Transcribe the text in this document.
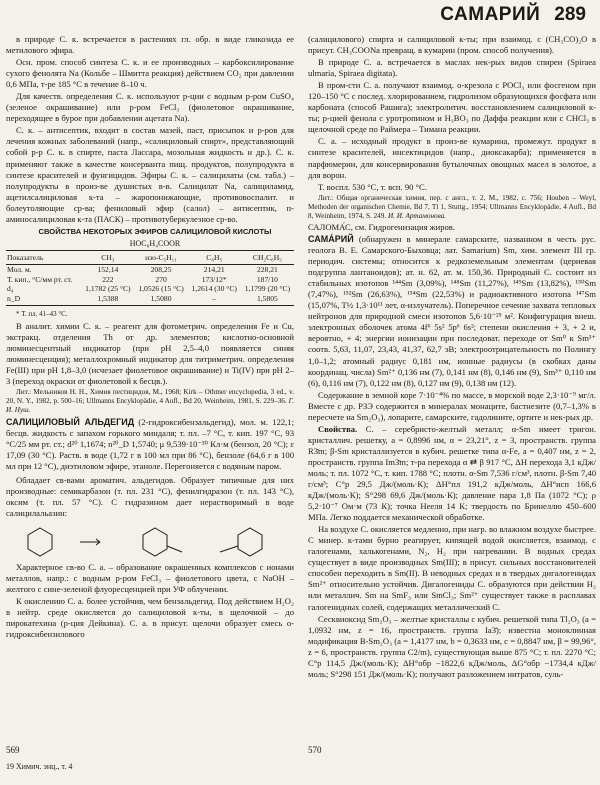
САМАРИЙ 289

в природе С. к. встречается в растениях гл. обр. в виде гликозида ее метилового эфира.

Осн. пром. способ синтеза С. к. и ее производных – карбоксилирование сухого фенолята Na (Кольбе – Шмитта реакция) действием СО₂ при давлении 0,6 МПа, т-ре 185 °С в течение 8–10 ч.

Для качеств. определения С. к. используют р-ции с водным р-ром CuSO₄ (зеленое окрашивание) или р-ром FeCl₃ (фиолетовое окрашивание, переходящее в бурое при добавлении ацетата Na).

С. к. – антисептик, входит в состав мазей, паст, присыпок и р-ров для лечения кожных заболеваний (напр., «салициловый спирт», представляющий собой р-р С. к. в спирте, паста Лассара, мозольная жидкость и др.). С. к. применяют также в качестве консерванта пищ. продуктов, полупродукта в синтезе красителей и фунгицидов. Эфиры С. к. – салицилаты (см. табл.) – полупродукты в произ-ве душистых в-в. Салицилат Na, салициламид, ацетилсалициловая к-та – жаропонижающие, противовоспалит. и болеутоляющие ср-ва; фениловый эфир (салол) – антисептик, п-аминосалициловая к-та (ПАСК) – противотуберкулезное ср-во.

СВОЙСТВА НЕКОТОРЫХ ЭФИРОВ САЛИЦИЛОВОЙ КИСЛОТЫ

HOC₆H₄COOR

Показатель	CH₃	изо-C₅H₁₁	C₆H₅	CH₂C₆H₅
Мол. м.	152,14	208,25	214,21	228,21
Т. кип., °С/мм рт. ст.	222	270	173/12*	187/10
d₄	1,1782 (25 °С)	1,0526 (15 °С)	1,2614 (30 °С)	1,1799 (20 °С)
n_D	1,5388	1,5080	–	1,5805

* Т. пл. 41–43 °С.

В аналит. химии С. к. – реагент для фотометрич. определения Fe и Cu, экстракц. отделения Th от др. элементов; кислотно-основной люминесцентный индикатор (при pH 2,5–4,0 появляется синяя люминесценция); металлохромный индикатор для титриметрич. определения Fe(III) при pH 1,8–3,0 (исчезает фиолетовое окрашивание) и Ti(IV) при pH 2–3 (переход окраски от фиолетовой к бесцв.).

Лит.: Мельников Н. Н., Химия пестицидов, М., 1968; Kirk – Othmer encyclopedia, 3 ed., v. 20, N. Y., 1982, p. 500–16; Ullmanns Encyklopädie, 4 Aufl., Bd 20, Weinheim, 1981, S. 229–36. Г. И. Нуш.

САЛИЦИЛОВЫЙ АЛЬДЕГИД (2-гидроксибензальдегид), мол. м. 122,1; бесцв. жидкость с запахом горького миндаля; т. пл. –7 °С, т. кип. 197 °С, 93 °С/25 мм рт. ст.; d²⁰ 1,1674; n²⁰_D 1,5740; μ 9,539·10⁻³⁰ Кл·м (бензол, 20 °С); ε 17,09 (30 °С). Раств. в воде (1,72 г в 100 мл при 86 °С), бензоле (64,6 г в 100 мл при 12 °С), диэтиловом эфире, этаноле. Перегоняется с водяным паром.

Обладает св-вами ароматич. альдегидов. Образует типичные для них производные: семикарбазон (т. пл. 231 °С), фенилгидразон (т. пл. 143 °С), оксим (т. пл. 57 °С). С гидразином дает нерастворимый в воде салицилальазин:

Характерное св-во С. а. – образование окрашенных комплексов с ионами металлов, напр.: с водным р-ром FeCl₃ – фиолетового цвета, с NaOH – желтого с сине-зеленой флуоресценцией при УФ облучении.

К окислению С. а. более устойчив, чем бензальдегид. Под действием H₂O₂ в нейтр. среде окисляется до салициловой к-ты, в щелочной – до пирокатехина (р-ция Дейкина). С. а. в присут. щелочи образует смесь о-гидроксибензилового

(салицилового) спирта и салициловой к-ты; при взаимод. с (CH₃CO)₂O в присут. CH₃COONa превращ. в кумарин (пром. способ получения).

В природе С. а. встречается в маслах нек-рых видов спиреи (Spiraea ulmaria, Spiraea digitata).

В пром-сти С. а. получают взаимод. о-крезола с POCl₃ или фосгеном при 120–150 °С с послед. хлорированием, гидролизом образующихся фосфата или карбоната (способ Рашига); электролитич. восстановлением салициловой к-ты; р-цией фенола с уротропином и H₃BO₃ по Даффа реакции или с CHCl₃ в щелочной среде по Раймера – Тимана реакции.

С. а. – исходный продукт в произ-ве кумарина, промежут. продукт в синтезе красителей, инсектицидов (напр., диоксакарба); применяется в парфюмерии, для консервирования бутылочных овощных масел в золотое, а для ворон.

Т. воспл. 530 °С, т. всп. 90 °С.

Лит.: Общая органическая химия, пер. с англ., т. 2, М., 1982, с. 756; Houben – Weyl, Methoden der organischen Chemie, Bd 7, Tl 1, Stuttg., 1954; Ullmanns Encyklopädie, 4 Aufl., Bd 8, Weinheim, 1974, S. 249. И. И. Артамонова.

САЛОМА́С, см. Гидрогенизация жиров.

САМА́РИЙ (обнаружен в минерале самарските, названном в честь рус. геолога В. Е. Самарского-Быховца; лат. Samarium) Sm, хим. элемент III гр. периодич. системы; относится к редкоземельным элементам (цериевая подгруппа лантаноидов); ат. н. 62, ат. м. 150,36. Природный С. состоит из стабильных изотопов ¹⁴⁴Sm (3,09%), ¹⁴⁸Sm (11,27%), ¹⁴⁹Sm (13,82%), ¹⁵⁰Sm (7,47%), ¹⁵²Sm (26,63%), ¹⁵⁴Sm (22,53%) и радиоактивного изотопа ¹⁴⁷Sm (15,07%, T½ 1,3·10¹¹ лет, α-излучатель). Поперечное сечение захвата тепловых нейтронов для природной смеси изотопов 5,6·10⁻²⁵ м². Конфигурация внеш. электронных оболочек атома 4f⁶ 5s² 5p⁶ 6s²; степени окисления + 3, + 2 и, вероятно, + 4; энергии ионизации при последоват. переходе от Sm⁰ к Sm³⁺ соотв. 5,63, 11,07, 23,43, 41,37, 62,7 эВ; электроотрицательность по Полингу 1,0–1,2; атомный радиус 0,181 нм, ионные радиусы (в скобках даны координац. числа) Sm²⁺ 0,136 нм (7), 0,141 нм (8), 0,146 нм (9), Sm³⁺ 0,110 нм (6), 0,116 нм (7), 0,122 нм (8), 0,127 нм (9), 0,138 нм (12).

Содержание в земной коре 7·10⁻⁴% по массе, в морской воде 2,3·10⁻⁹ мг/л. Вместе с др. РЗЭ содержится в минералах монаците, бастнезите (0,7–1,3% в пересчете на Sm₂O₃), лопарите, самарските, гадолините, ортите и нек-рых др.

Свойства. С. – серебристо-желтый металл; α-Sm имеет тригон. кристаллич. решетку, a = 0,8996 нм, α = 23,21°, z = 3, пространств. группа R3̄m; β-Sm кристаллизуется в кубич. решетке типа α-Fe, a = 0,407 нм, z = 2, пространств. группа Im3̄m; т-ра перехода α ⇄ β 917 °С, ΔH перехода 3,1 кДж/моль; т. пл. 1072 °С, т. кип. 1788 °С; плотн. α-Sm 7,536 г/см³, плотн. β-Sm 7,40 г/см³; C°p 29,5 Дж/(моль·К); ΔH°пл 191,2 кДж/моль, ΔH°исп 166,6 кДж/(моль·К); S°298 69,6 Дж/(моль·К); давление пара 1,8 Па (1072 °С); ρ 5,2·10⁻⁷ Ом·м (73 К); точка Нееля 14 К; твердость по Бринеллю 450–600 МПа. Легко поддается механической обработке.

На воздухе С. окисляется медленно, при нагр. во влажном воздухе быстрее. С минер. к-тами бурно реагирует, кипящей водой окисляется, взаимод. с галогенами, халькогенами, N₂, H₂ при нагревании. В водных средах существует в виде производных Sm(III); в присут. сильных восстановителей способен переходить в Sm(II). В неводных средах и в твердых дигалогенидах Sm²⁺ относительно устойчив. Дигалогениды С. образуются при действии H₂ или металлич. Sm на SmF₃ или SmCl₃; Sm²⁺ существует также в расплавах галогенидных солей, содержащих металлический С.

Сесквиоксид Sm₂O₃ – желтые кристаллы с кубич. решеткой типа Tl₂O₃ (a = 1,0932 нм, z = 16, пространств. группа Ia3̄); известна моноклинная модификация B-Sm₂O₃ (a = 1,4177 нм, b = 0,3633 нм, c = 0,8847 нм, β = 99,96°, z = 6, пространств. группа C2/m), существующая выше 875 °С; т. пл. 2270 °С; C°p 114,5 Дж/(моль·К); ΔH°обр −1822,6 кДж/моль, ΔG°обр −1734,4 кДж/моль; S°298 151 Дж/(моль·К); получают разложением нитратов, суль-

569
19 Химич. энц., т. 4
570
